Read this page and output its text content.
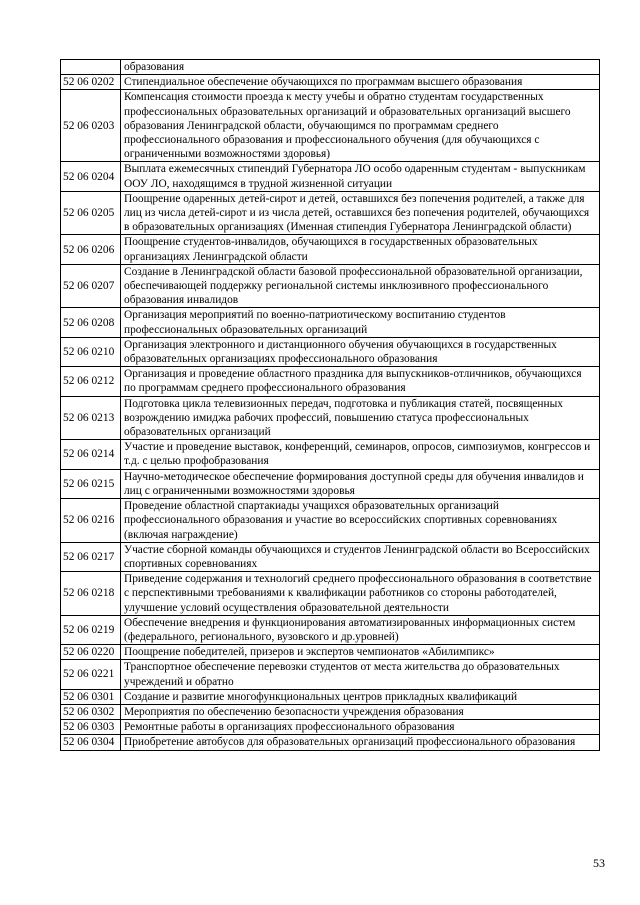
	образования
52 06 0202	Стипендиальное обеспечение обучающихся по программам высшего образования
52 06 0203	Компенсация стоимости проезда к месту учебы и обратно студентам государственных профессиональных образовательных организаций и образовательных организаций высшего образования Ленинградской области, обучающимся по программам среднего профессионального образования и профессионального обучения (для обучающихся с ограниченными возможностями здоровья)
52 06 0204	Выплата ежемесячных стипендий Губернатора ЛО особо одаренным студентам - выпускникам ООУ ЛО, находящимся в трудной жизненной ситуации
52 06 0205	Поощрение одаренных детей-сирот и детей, оставшихся без попечения родителей, а также для лиц из числа детей-сирот и из числа детей, оставшихся без попечения родителей, обучающихся в образовательных организациях (Именная стипендия Губернатора Ленинградской области)
52 06 0206	Поощрение студентов-инвалидов, обучающихся в государственных образовательных организациях Ленинградской области
52 06 0207	Создание в Ленинградской области базовой профессиональной образовательной организации, обеспечивающей поддержку региональной системы инклюзивного профессионального образования инвалидов
52 06 0208	Организация мероприятий по военно-патриотическому воспитанию студентов профессиональных образовательных организаций
52 06 0210	Организация электронного и дистанционного обучения обучающихся в государственных образовательных организациях профессионального образования
52 06 0212	Организация и проведение областного праздника для выпускников-отличников, обучающихся по программам среднего профессионального образования
52 06 0213	Подготовка цикла телевизионных передач, подготовка и публикация статей, посвященных возрождению имиджа рабочих профессий, повышению статуса профессиональных образовательных организаций
52 06 0214	Участие и проведение выставок, конференций, семинаров, опросов, симпозиумов, конгрессов и т.д. с целью профобразования
52 06 0215	Научно-методическое обеспечение формирования доступной среды для обучения инвалидов и лиц с ограниченными возможностями здоровья
52 06 0216	Проведение областной спартакиады учащихся образовательных организаций профессионального образования и участие во всероссийских спортивных соревнованиях (включая награждение)
52 06 0217	Участие сборной команды обучающихся и студентов Ленинградской области во Всероссийских спортивных соревнованиях
52 06 0218	Приведение содержания и технологий среднего профессионального образования в соответствие с перспективными требованиями к квалификации работников со стороны работодателей, улучшение условий осуществления образовательной деятельности
52 06 0219	Обеспечение внедрения и функционирования автоматизированных информационных систем (федерального, регионального, вузовского и др.уровней)
52 06 0220	Поощрение победителей, призеров и экспертов чемпионатов «Абилимпикс»
52 06 0221	Транспортное обеспечение перевозки студентов от места жительства до образовательных учреждений и обратно
52 06 0301	Создание и развитие многофункциональных центров прикладных квалификаций
52 06 0302	Мероприятия по обеспечению безопасности учреждения образования
52 06 0303	Ремонтные работы в организациях профессионального образования
52 06 0304	Приобретение автобусов для образовательных организаций профессионального образования
53
